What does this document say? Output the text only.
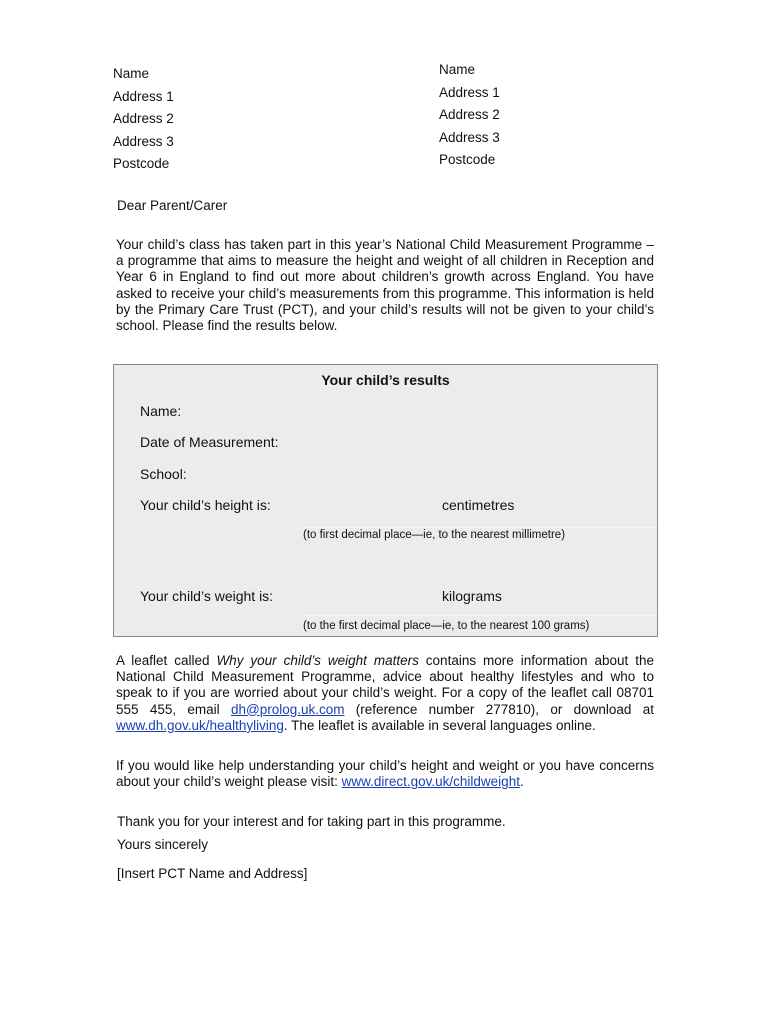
Name
Address 1
Address 2
Address 3
Postcode
Name
Address 1
Address 2
Address 3
Postcode
Dear Parent/Carer
Your child’s class has taken part in this year’s National Child Measurement Programme – a programme that aims to measure the height and weight of all children in Reception and Year 6 in England to find out more about children’s growth across England. You have asked to receive your child’s measurements from this programme. This information is held by the Primary Care Trust (PCT), and your child’s results will not be given to your child’s school. Please find the results below.
Your child’s results
Name:
Date of Measurement:
School:
Your child’s height is:	centimetres
(to first decimal place—ie, to the nearest millimetre)
Your child’s weight is:	kilograms
(to the first decimal place—ie, to the nearest 100 grams)
A leaflet called Why your child’s weight matters contains more information about the National Child Measurement Programme, advice about healthy lifestyles and who to speak to if you are worried about your child’s weight. For a copy of the leaflet call 08701 555 455, email dh@prolog.uk.com (reference number 277810), or download at www.dh.gov.uk/healthyliving. The leaflet is available in several languages online.
If you would like help understanding your child’s height and weight or you have concerns about your child’s weight please visit: www.direct.gov.uk/childweight.
Thank you for your interest and for taking part in this programme.
Yours sincerely
[Insert PCT Name and Address]
